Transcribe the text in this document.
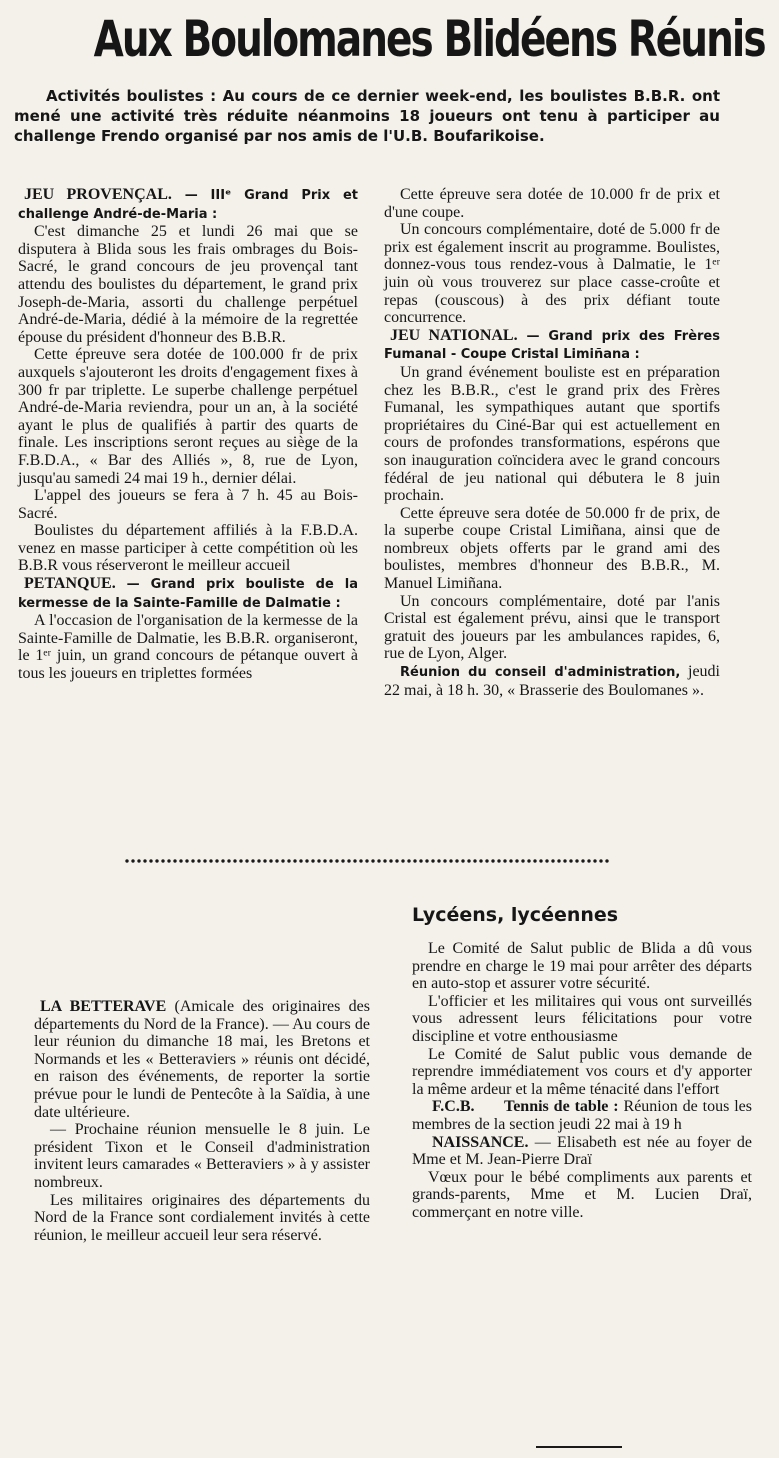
Aux Boulomanes Blidéens Réunis

Activités boulistes : Au cours de ce dernier week-end, les boulistes B.B.R. ont mené une activité très réduite néanmoins 18 joueurs ont tenu à participer au challenge Frendo organisé par nos amis de l'U.B. Boufarikoise.

JEU PROVENÇAL. — IIIᵉ Grand Prix et challenge André-de-Maria :

C'est dimanche 25 et lundi 26 mai que se disputera à Blida sous les frais ombrages du Bois-Sacré, le grand concours de jeu provençal tant attendu des boulistes du département, le grand prix Joseph-de-Maria, assorti du challenge perpétuel André-de-Maria, dédié à la mémoire de la regrettée épouse du président d'honneur des B.B.R.

Cette épreuve sera dotée de 100.000 fr de prix auxquels s'ajouteront les droits d'engagement fixes à 300 fr par triplette. Le superbe challenge perpétuel André-de-Maria reviendra, pour un an, à la société ayant le plus de qualifiés à partir des quarts de finale. Les inscriptions seront reçues au siège de la F.B.D.A., « Bar des Alliés », 8, rue de Lyon, jusqu'au samedi 24 mai 19 h., dernier délai.

L'appel des joueurs se fera à 7 h. 45 au Bois-Sacré.

Boulistes du département affiliés à la F.B.D.A. venez en masse participer à cette compétition où les B.B.R vous réserveront le meilleur accueil

PETANQUE. — Grand prix bouliste de la kermesse de la Sainte-Famille de Dalmatie :

A l'occasion de l'organisation de la kermesse de la Sainte-Famille de Dalmatie, les B.B.R. organiseront, le 1ᵉʳ juin, un grand concours de pétanque ouvert à tous les joueurs en triplettes formées

Cette épreuve sera dotée de 10.000 fr de prix et d'une coupe.

Un concours complémentaire, doté de 5.000 fr de prix est également inscrit au programme. Boulistes, donnez-vous tous rendez-vous à Dalmatie, le 1ᵉʳ juin où vous trouverez sur place casse-croûte et repas (couscous) à des prix défiant toute concurrence.

JEU NATIONAL. — Grand prix des Frères Fumanal - Coupe Cristal Limiñana :

Un grand événement bouliste est en préparation chez les B.B.R., c'est le grand prix des Frères Fumanal, les sympathiques autant que sportifs propriétaires du Ciné-Bar qui est actuellement en cours de profondes transformations, espérons que son inauguration coïncidera avec le grand concours fédéral de jeu national qui débutera le 8 juin prochain.

Cette épreuve sera dotée de 50.000 fr de prix, de la superbe coupe Cristal Limiñana, ainsi que de nombreux objets offerts par le grand ami des boulistes, membres d'honneur des B.B.R., M. Manuel Limiñana.

Un concours complémentaire, doté par l'anis Cristal est également prévu, ainsi que le transport gratuit des joueurs par les ambulances rapides, 6, rue de Lyon, Alger.

Réunion du conseil d'administration, jeudi 22 mai, à 18 h. 30, « Brasserie des Boulomanes ».

Lycéens, lycéennes

Le Comité de Salut public de Blida a dû vous prendre en charge le 19 mai pour arrêter des départs en auto-stop et assurer votre sécurité.

L'officier et les militaires qui vous ont surveillés vous adressent leurs félicitations pour votre discipline et votre enthousiasme

Le Comité de Salut public vous demande de reprendre immédiatement vos cours et d'y apporter la même ardeur et la même ténacité dans l'effort

F.C.B. Tennis de table : Réunion de tous les membres de la section jeudi 22 mai à 19 h

NAISSANCE. — Elisabeth est née au foyer de Mme et M. Jean-Pierre Draï

Vœux pour le bébé compliments aux parents et grands-parents, Mme et M. Lucien Draï, commerçant en notre ville.

LA BETTERAVE (Amicale des originaires des départements du Nord de la France). — Au cours de leur réunion du dimanche 18 mai, les Bretons et Normands et les « Betteraviers » réunis ont décidé, en raison des événements, de reporter la sortie prévue pour le lundi de Pentecôte à la Saïdia, à une date ultérieure.

— Prochaine réunion mensuelle le 8 juin. Le président Tixon et le Conseil d'administration invitent leurs camarades « Betteraviers » à y assister nombreux.

Les militaires originaires des départements du Nord de la France sont cordialement invités à cette réunion, le meilleur accueil leur sera réservé.
